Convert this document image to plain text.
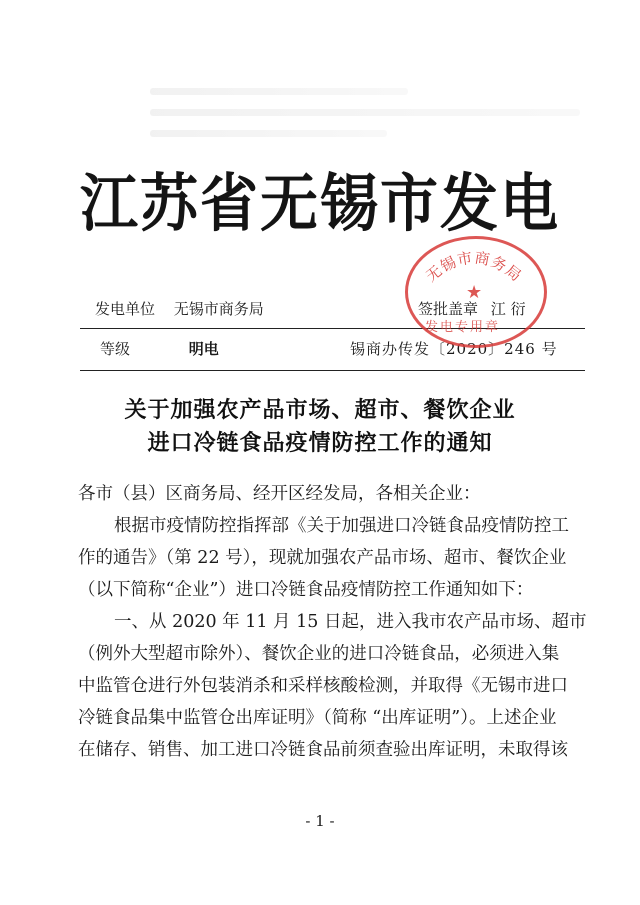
江苏省无锡市发电
发电单位 无锡市商务局	签批盖章 江 衍
等级	明电	锡商办传发〔2020〕246 号
无锡市商务局
★
发电专用章
关于加强农产品市场、超市、餐饮企业
进口冷链食品疫情防控工作的通知
各市（县）区商务局、经开区经发局，各相关企业：
根据市疫情防控指挥部《关于加强进口冷链食品疫情防控工
作的通告》（第 22 号），现就加强农产品市场、超市、餐饮企业
（以下简称“企业”）进口冷链食品疫情防控工作通知如下：
一、从 2020 年 11 月 15 日起，进入我市农产品市场、超市
（例外大型超市除外）、餐饮企业的进口冷链食品，必须进入集
中监管仓进行外包装消杀和采样核酸检测，并取得《无锡市进口
冷链食品集中监管仓出库证明》（简称 “出库证明”）。上述企业
在储存、销售、加工进口冷链食品前须查验出库证明，未取得该
- 1 -
